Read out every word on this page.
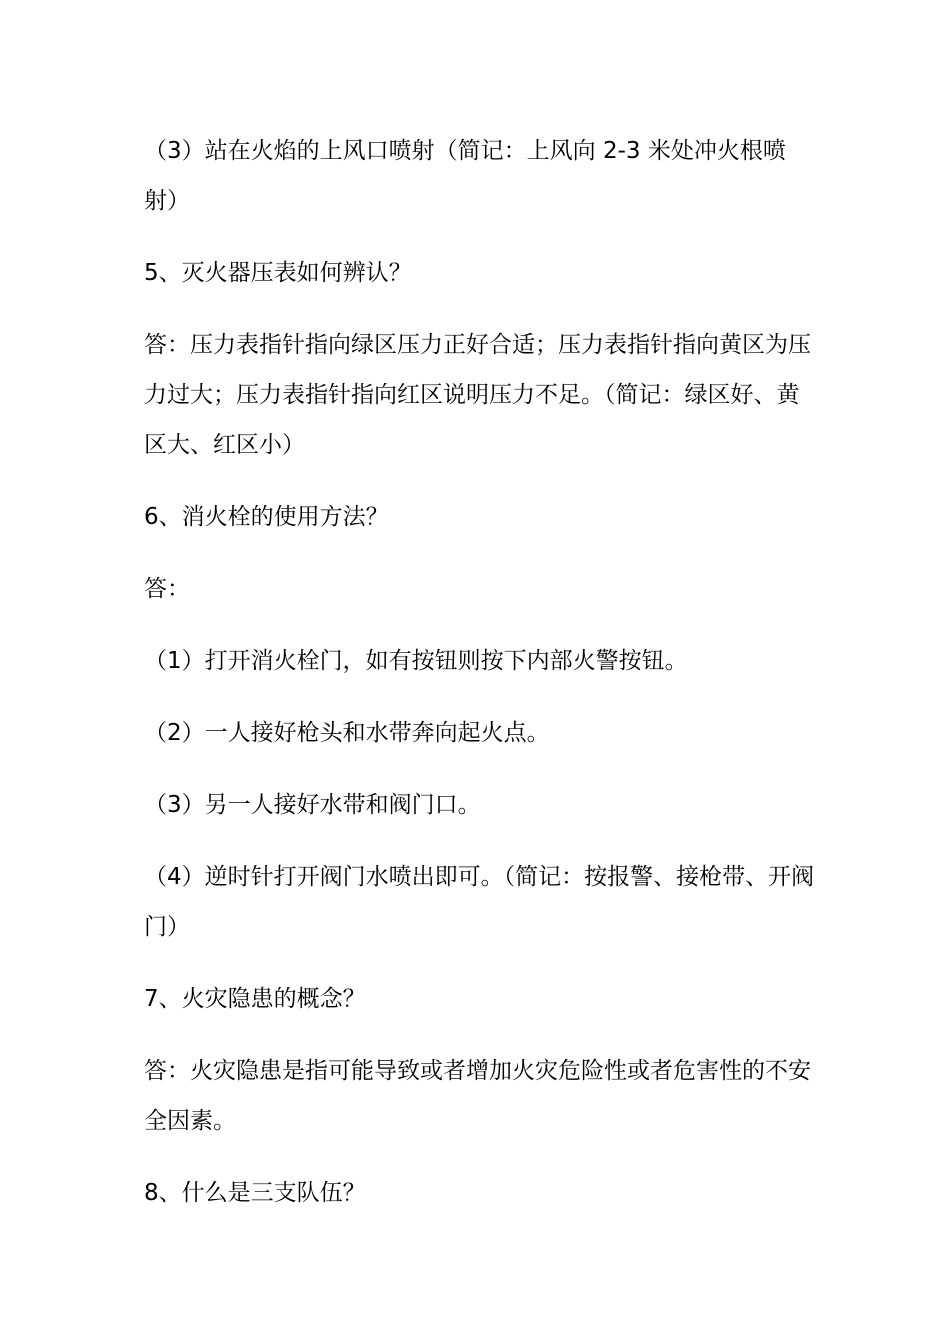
（3）站在火焰的上风口喷射（简记：上风向 2-3 米处冲火根喷
射）
5、灭火器压表如何辨认？
答：压力表指针指向绿区压力正好合适；压力表指针指向黄区为压
力过大；压力表指针指向红区说明压力不足。（简记：绿区好、黄
区大、红区小）
6、消火栓的使用方法？
答：
（1）打开消火栓门，如有按钮则按下内部火警按钮。
（2）一人接好枪头和水带奔向起火点。
（3）另一人接好水带和阀门口。
（4）逆时针打开阀门水喷出即可。（简记：按报警、接枪带、开阀
门）
7、火灾隐患的概念？
答：火灾隐患是指可能导致或者增加火灾危险性或者危害性的不安
全因素。
8、什么是三支队伍？
